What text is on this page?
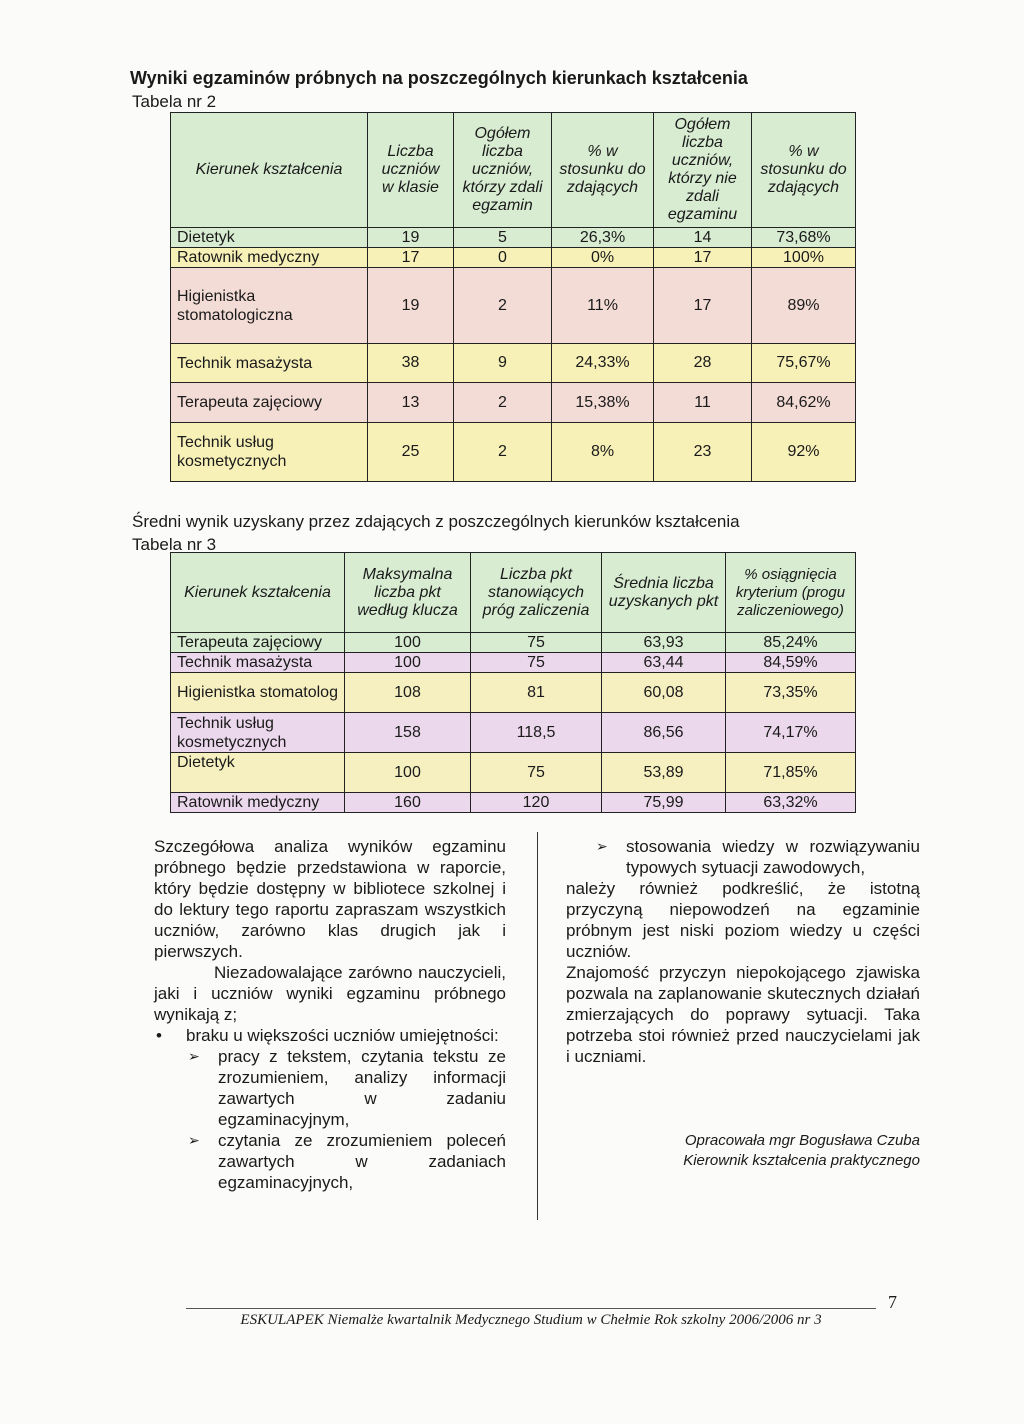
Wyniki egzaminów próbnych na poszczególnych kierunkach kształcenia
Tabela nr 2
Kierunek kształcenia	Liczba uczniów w klasie	Ogółem liczba uczniów, którzy zdali egzamin	% w stosunku do zdających	Ogółem liczba uczniów, którzy nie zdali egzaminu	% w stosunku do zdających
Dietetyk	19	5	26,3%	14	73,68%
Ratownik medyczny	17	0	0%	17	100%
Higienistka stomatologiczna	19	2	11%	17	89%
Technik masażysta	38	9	24,33%	28	75,67%
Terapeuta zajęciowy	13	2	15,38%	11	84,62%
Technik usług kosmetycznych	25	2	8%	23	92%
Średni wynik uzyskany przez zdających z poszczególnych kierunków kształcenia
Tabela nr 3
Kierunek kształcenia	Maksymalna liczba pkt według klucza	Liczba pkt stanowiących próg zaliczenia	Średnia liczba uzyskanych pkt	% osiągnięcia kryterium (progu zaliczeniowego)
Terapeuta zajęciowy	100	75	63,93	85,24%
Technik masażysta	100	75	63,44	84,59%
Higienistka stomatolog	108	81	60,08	73,35%
Technik usług kosmetycznych	158	118,5	86,56	74,17%
Dietetyk	100	75	53,89	71,85%
Ratownik medyczny	160	120	75,99	63,32%

Szczegółowa analiza wyników egzaminu próbnego będzie przedstawiona w raporcie, który będzie dostępny w bibliotece szkolnej i do lektury tego raportu zapraszam wszystkich uczniów, zarówno klas drugich jak i pierwszych.

Niezadowalające zarówno nauczycieli, jaki i uczniów wyniki egzaminu próbnego wynikają z;

• braku u większości uczniów umiejętności:
➢ pracy z tekstem, czytania tekstu ze zrozumieniem, analizy informacji zawartych w zadaniu egzaminacyjnym,
➢ czytania ze zrozumieniem poleceń zawartych w zadaniach egzaminacyjnych,
➢ stosowania wiedzy w rozwiązywaniu typowych sytuacji zawodowych,

należy również podkreślić, że istotną przyczyną niepowodzeń na egzaminie próbnym jest niski poziom wiedzy u części uczniów.

Znajomość przyczyn niepokojącego zjawiska pozwala na zaplanowanie skutecznych działań zmierzających do poprawy sytuacji. Taka potrzeba stoi również przed nauczycielami jak i uczniami.

Opracowała mgr Bogusława Czuba
Kierownik kształcenia praktycznego
7
ESKULAPEK Niemalże kwartalnik Medycznego Studium w Chełmie Rok szkolny 2006/2006 nr 3
